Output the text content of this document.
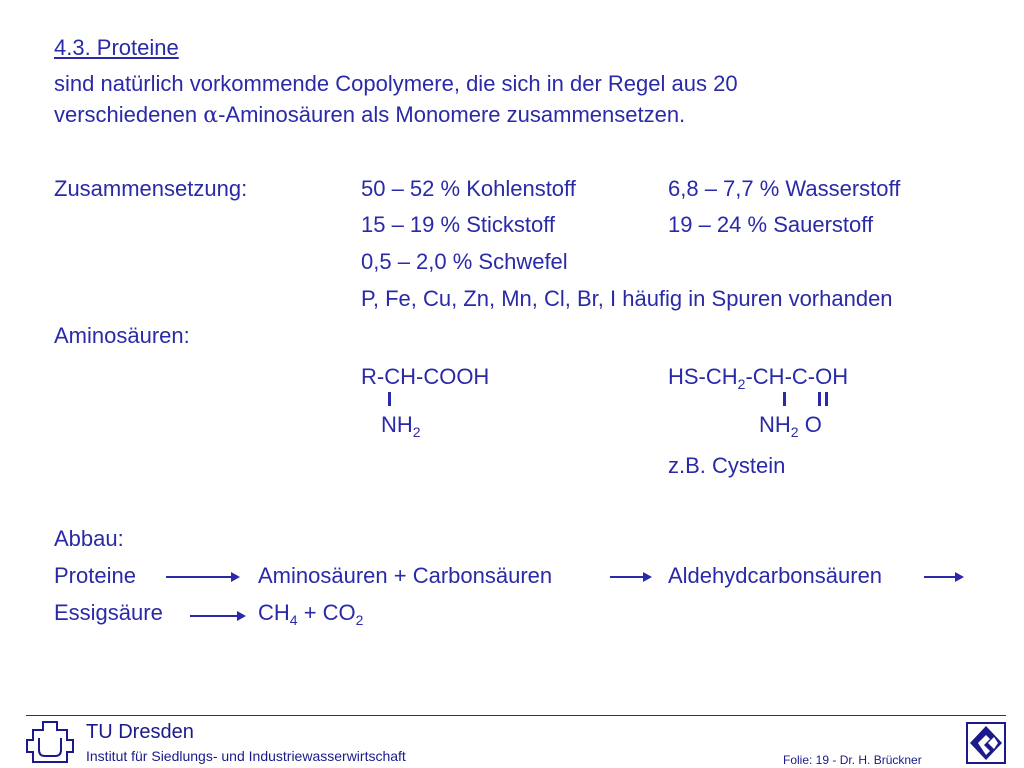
4.3. Proteine
sind natürlich vorkommende Copolymere, die sich in der Regel aus 20
verschiedenen α-Aminosäuren als Monomere zusammensetzen.
Zusammensetzung:	50 – 52 % Kohlenstoff	6,8 – 7,7 % Wasserstoff
15 – 19 % Stickstoff	19 – 24 % Sauerstoff
0,5 – 2,0 % Schwefel
P, Fe, Cu, Zn, Mn, Cl, Br, I häufig in Spuren vorhanden
Aminosäuren:
R-CH-COOH
$NH_2$
$HS-CH_2-CH-C-OH$
$NH_2$ O
z.B. Cystein
Abbau:
Proteine	Aminosäuren + Carbonsäuren	Aldehydcarbonsäuren
Essigsäure	$CH_4 + CO_2$
TU Dresden
Institut für Siedlungs- und Industriewasserwirtschaft	Folie: 19 - Dr. H. Brückner
